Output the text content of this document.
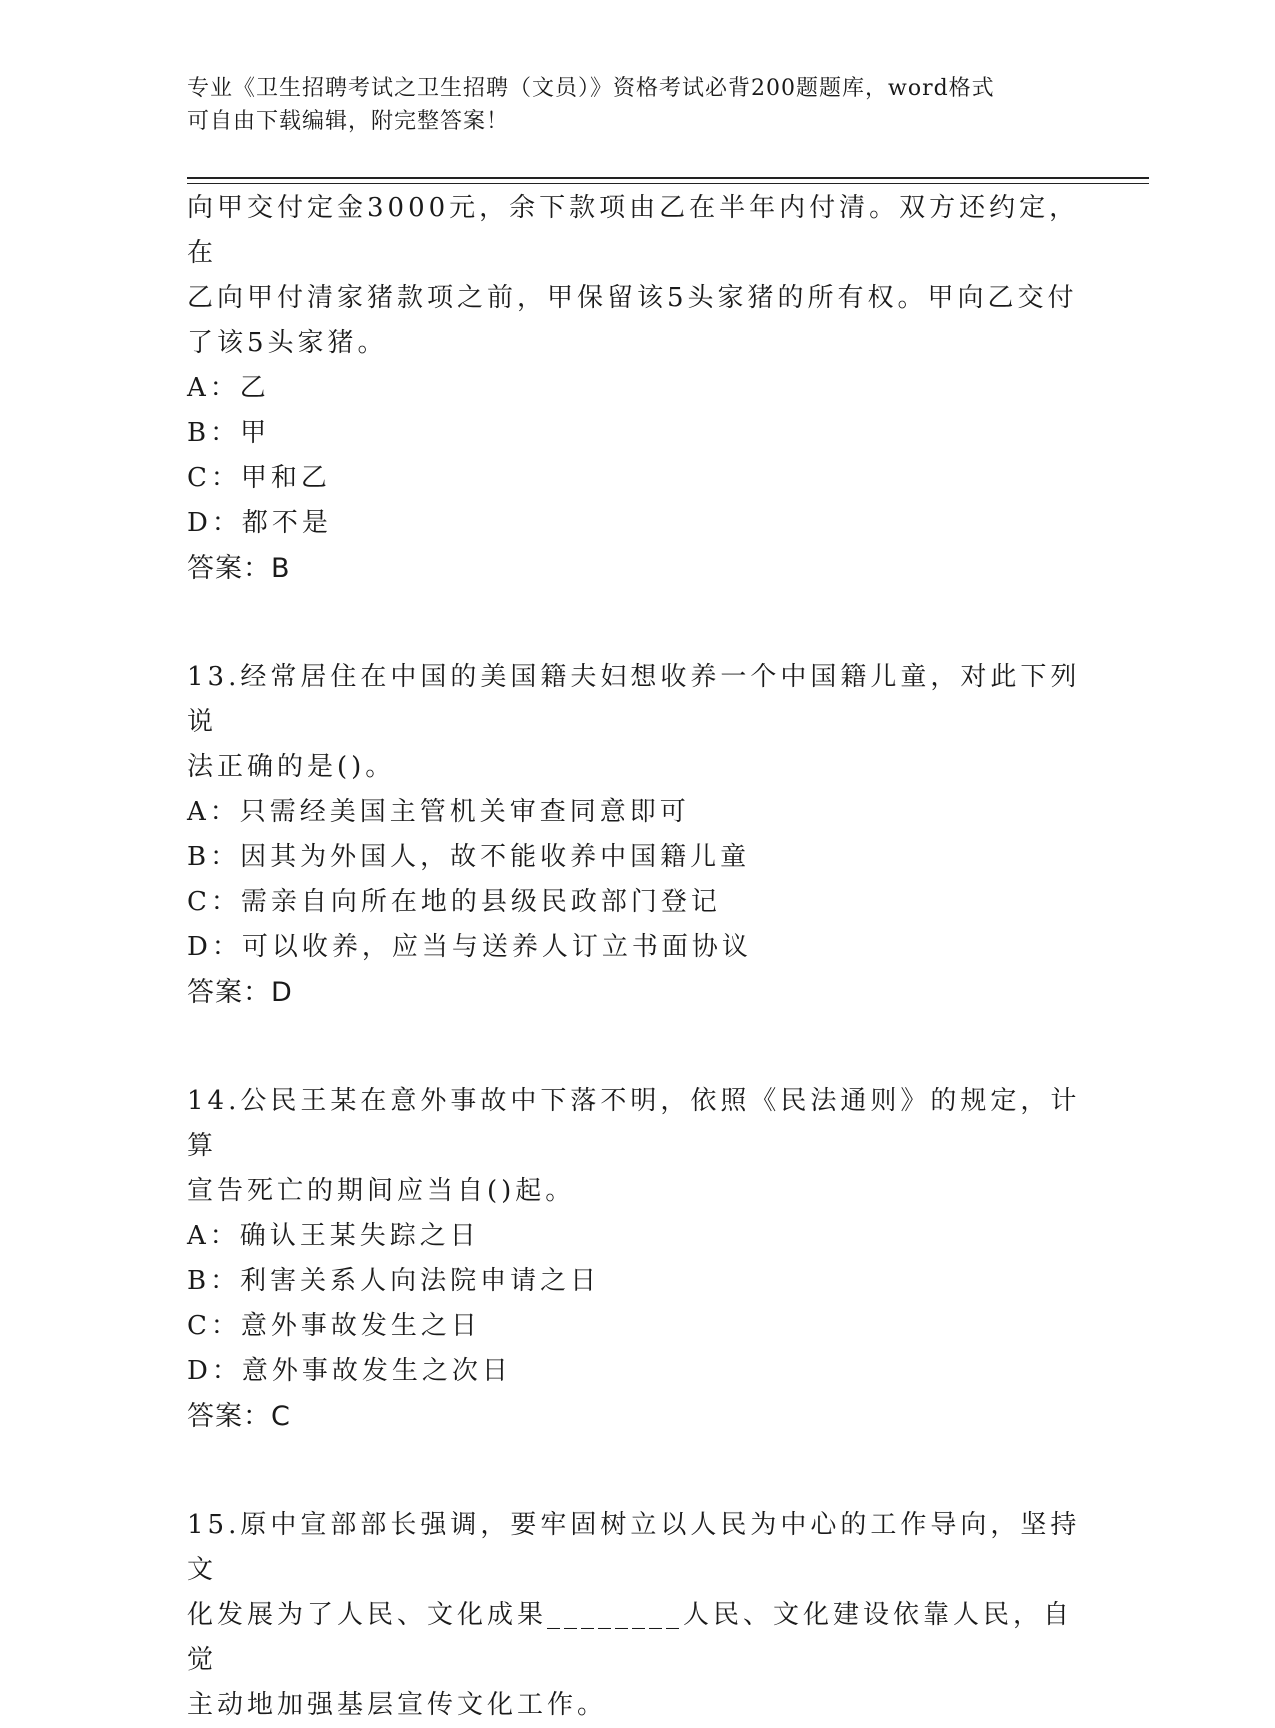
专业《卫生招聘考试之卫生招聘（文员）》资格考试必背200题题库，word格式
可自由下载编辑，附完整答案！
向甲交付定金3000元，余下款项由乙在半年内付清。双方还约定，在
乙向甲付清家猪款项之前，甲保留该5头家猪的所有权。甲向乙交付
了该5头家猪。
A：乙
B：甲
C：甲和乙
D：都不是
答案：B
13.经常居住在中国的美国籍夫妇想收养一个中国籍儿童，对此下列说
法正确的是()。
A：只需经美国主管机关审查同意即可
B：因其为外国人，故不能收养中国籍儿童
C：需亲自向所在地的县级民政部门登记
D：可以收养，应当与送养人订立书面协议
答案：D
14.公民王某在意外事故中下落不明，依照《民法通则》的规定，计算
宣告死亡的期间应当自()起。
A：确认王某失踪之日
B：利害关系人向法院申请之日
C：意外事故发生之日
D：意外事故发生之次日
答案：C
15.原中宣部部长强调，要牢固树立以人民为中心的工作导向，坚持文
化发展为了人民、文化成果________人民、文化建设依靠人民，自觉
主动地加强基层宣传文化工作。
